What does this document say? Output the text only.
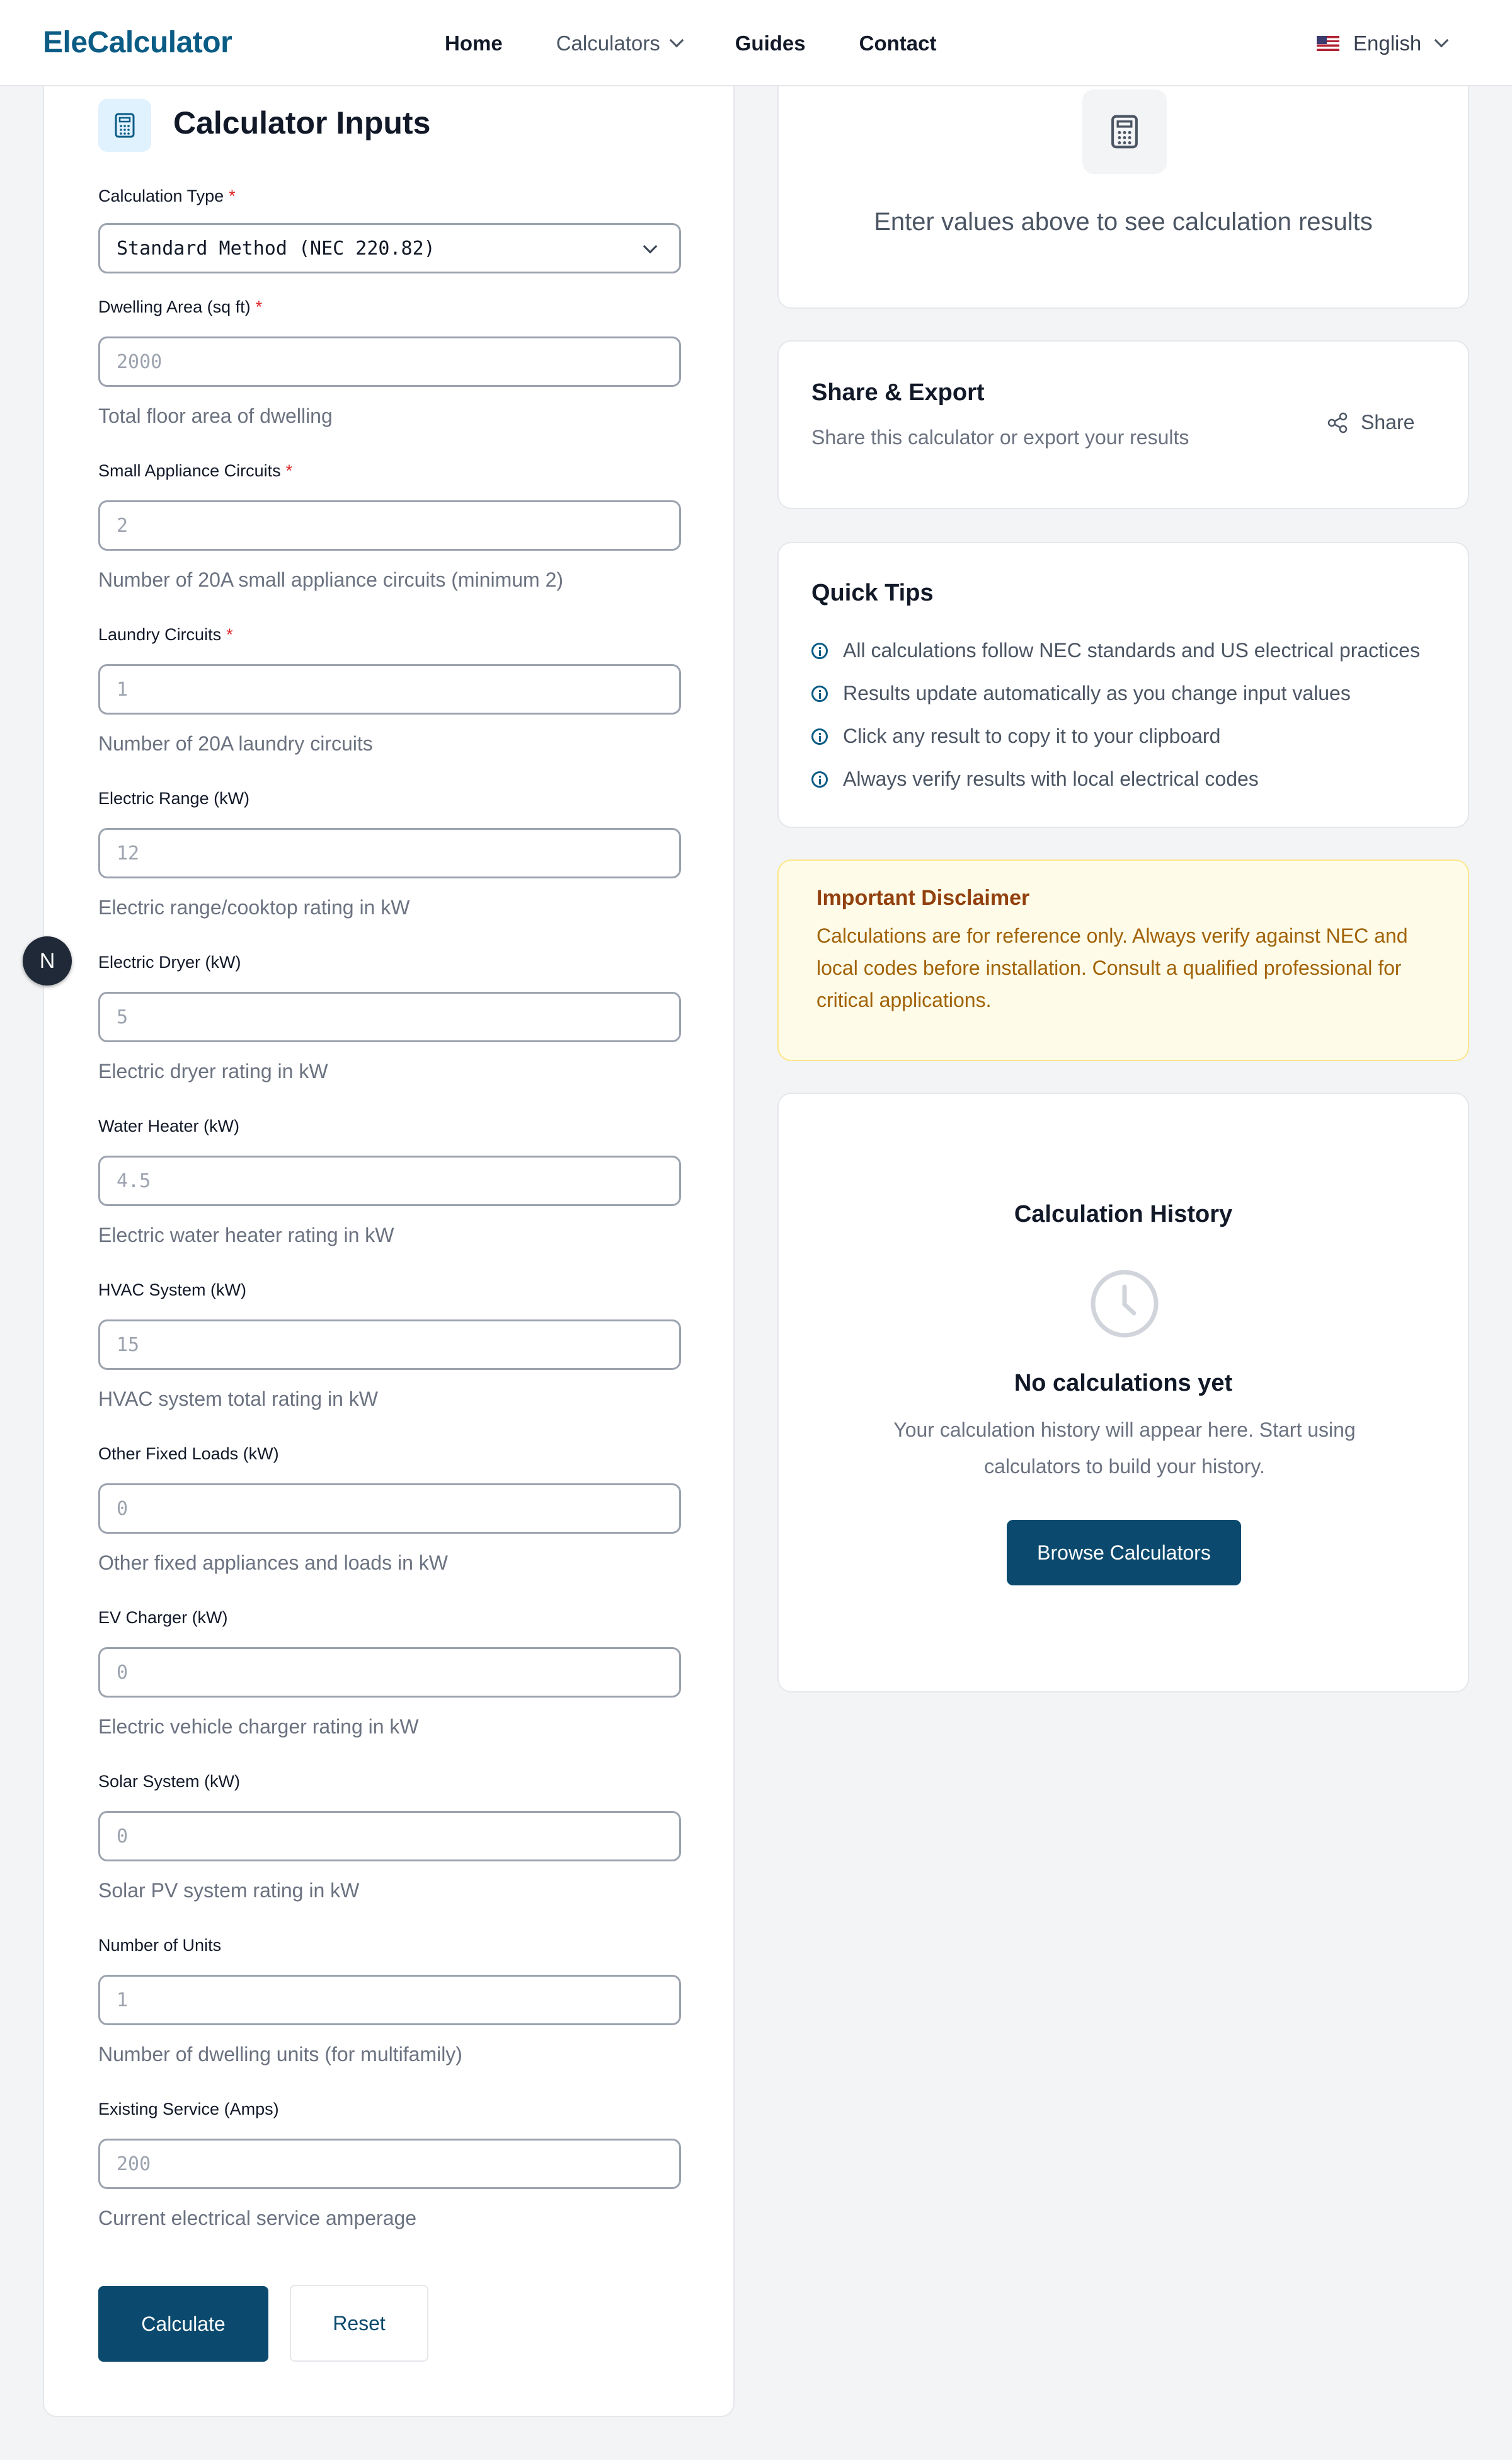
EleCalculator	Home	Calculators	Guides	Contact	English
N
Calculator Inputs
Calculation Type *
Standard Method (NEC 220.82)
Dwelling Area (sq ft) *
2000
Total floor area of dwelling
Small Appliance Circuits *
2
Number of 20A small appliance circuits (minimum 2)
Laundry Circuits *
1
Number of 20A laundry circuits
Electric Range (kW)
12
Electric range/cooktop rating in kW
Electric Dryer (kW)
5
Electric dryer rating in kW
Water Heater (kW)
4.5
Electric water heater rating in kW
HVAC System (kW)
15
HVAC system total rating in kW
Other Fixed Loads (kW)
0
Other fixed appliances and loads in kW
EV Charger (kW)
0
Electric vehicle charger rating in kW
Solar System (kW)
0
Solar PV system rating in kW
Number of Units
1
Number of dwelling units (for multifamily)
Existing Service (Amps)
200
Current electrical service amperage
Calculate	Reset
Enter values above to see calculation results
Share & Export
Share this calculator or export your results
Share
Quick Tips
All calculations follow NEC standards and US electrical practices
Results update automatically as you change input values
Click any result to copy it to your clipboard
Always verify results with local electrical codes
Important Disclaimer
Calculations are for reference only. Always verify against NEC and local codes before installation. Consult a qualified professional for critical applications.
Calculation History
No calculations yet
Your calculation history will appear here. Start using calculators to build your history.
Browse Calculators
